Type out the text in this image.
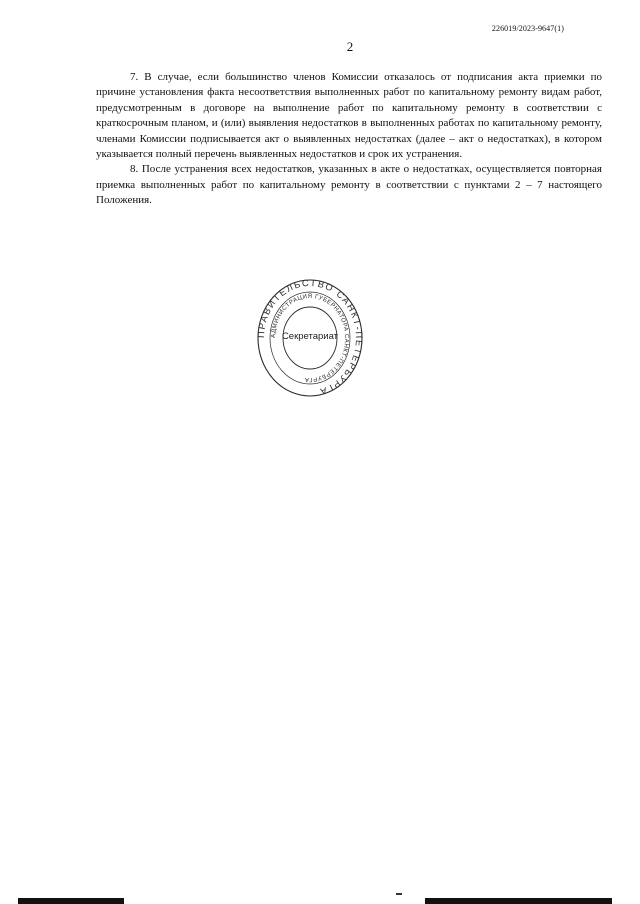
226019/2023-9647(1)
2

7. В случае, если большинство членов Комиссии отказалось от подписания акта приемки по причине установления факта несоответствия выполненных работ по капитальному ремонту видам работ, предусмотренным в договоре на выполнение работ по капитальному ремонту в соответствии с краткосрочным планом, и (или) выявления недостатков в выполненных работах по капитальному ремонту, членами Комиссии подписывается акт о выявленных недостатках (далее – акт о недостатках), в котором указывается полный перечень выявленных недостатков и срок их устранения.

8. После устранения всех недостатков, указанных в акте о недостатках, осуществляется повторная приемка выполненных работ по капитальному ремонту в соответствии с пунктами 2 – 7 настоящего Положения.

РАВИТЕЛЬСТВО САНКТ- ЕТЕРБУРГА
АДМИНИСТРАЦИЯ ГУБЕРНАТОРА САНКТ-ПЕТЕРБУРГА
Секретариат
